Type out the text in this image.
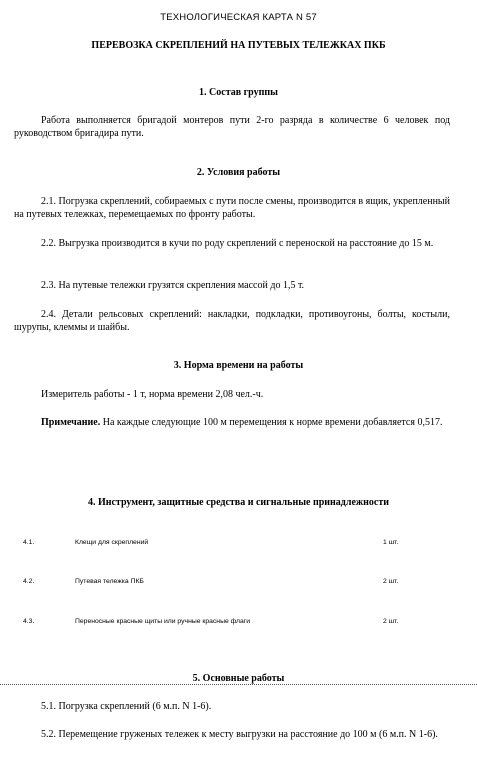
ТЕХНОЛОГИЧЕСКАЯ КАРТА N 57
ПЕРЕВОЗКА СКРЕПЛЕНИЙ НА ПУТЕВЫХ ТЕЛЕЖКАХ ПКБ
1. Состав группы
Работа выполняется бригадой монтеров пути 2-го разряда в количестве 6 человек под руководством бригадира пути.
2. Условия работы
2.1. Погрузка скреплений, собираемых с пути после смены, производится в ящик, укрепленный на путевых тележках, перемещаемых по фронту работы.
2.2. Выгрузка производится в кучи по роду скреплений с переноской на расстояние до 15 м.
2.3. На путевые тележки грузятся скрепления массой до 1,5 т.
2.4. Детали рельсовых скреплений: накладки, подкладки, противоугоны, болты, костыли, шурупы, клеммы и шайбы.
3. Норма времени на работы
Измеритель работы - 1 т, норма времени 2,08 чел.-ч.
Примечание. На каждые следующие 100 м перемещения к норме времени добавляется 0,517.
4. Инструмент, защитные средства и сигнальные принадлежности
4.1.	Клещи для скреплений	1 шт.
4.2.	Путевая тележка ПКБ	2 шт.
4.3.	Переносные красные щиты или ручные красные флаги	2 шт.
5. Основные работы
5.1. Погрузка скреплений (6 м.п. N 1-6).
5.2. Перемещение груженых тележек к месту выгрузки на расстояние до 100 м (6 м.п. N 1-6).
